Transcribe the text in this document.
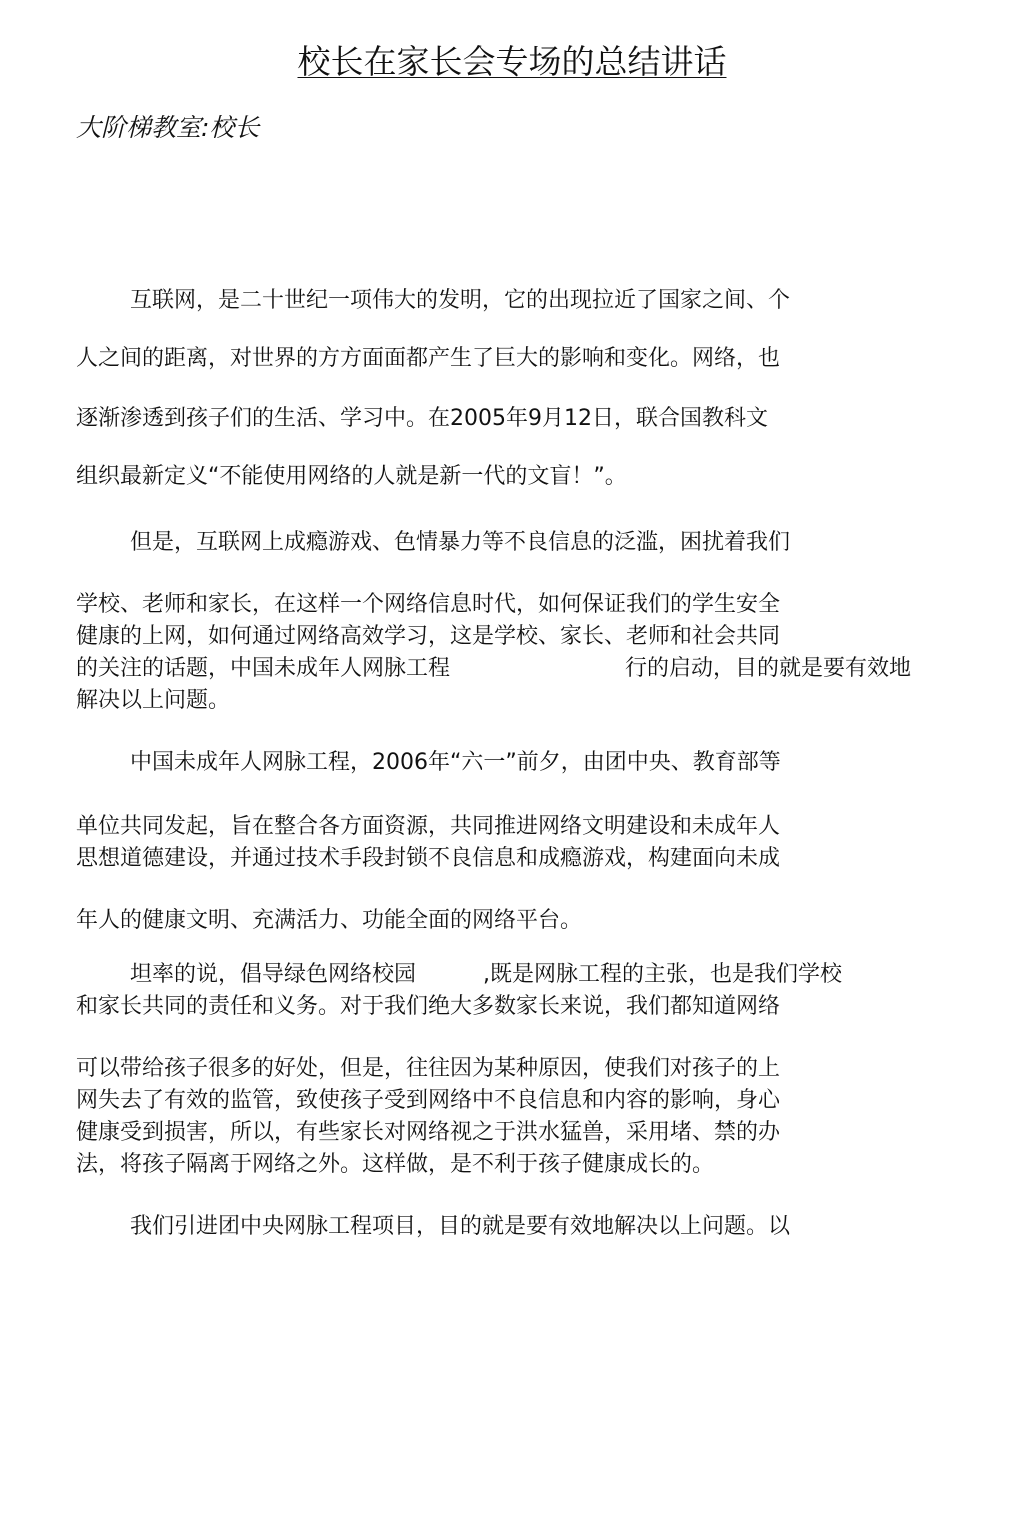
校长在家长会专场的总结讲话
大阶梯教室:校长
互联网，是二十世纪一项伟大的发明，它的出现拉近了国家之间、个
人之间的距离，对世界的方方面面都产生了巨大的影响和变化。网络，也
逐渐渗透到孩子们的生活、学习中。在2005年9月12日，联合国教科文
组织最新定义“不能使用网络的人就是新一代的文盲！”。
但是，互联网上成瘾游戏、色情暴力等不良信息的泛滥，困扰着我们
学校、老师和家长，在这样一个网络信息时代，如何保证我们的学生安全
健康的上网，如何通过网络高效学习，这是学校、家长、老师和社会共同
的关注的话题，中国未成年人网脉工程	行的启动，目的就是要有效地
解决以上问题。
中国未成年人网脉工程，2006年“六一”前夕，由团中央、教育部等
单位共同发起，旨在整合各方面资源，共同推进网络文明建设和未成年人
思想道德建设，并通过技术手段封锁不良信息和成瘾游戏，构建面向未成
年人的健康文明、充满活力、功能全面的网络平台。
坦率的说，倡导绿色网络校园	,既是网脉工程的主张，也是我们学校
和家长共同的责任和义务。对于我们绝大多数家长来说，我们都知道网络
可以带给孩子很多的好处，但是，往往因为某种原因，使我们对孩子的上
网失去了有效的监管，致使孩子受到网络中不良信息和内容的影响，身心
健康受到损害，所以，有些家长对网络视之于洪水猛兽，采用堵、禁的办
法，将孩子隔离于网络之外。这样做，是不利于孩子健康成长的。
我们引进团中央网脉工程项目，目的就是要有效地解决以上问题。以
